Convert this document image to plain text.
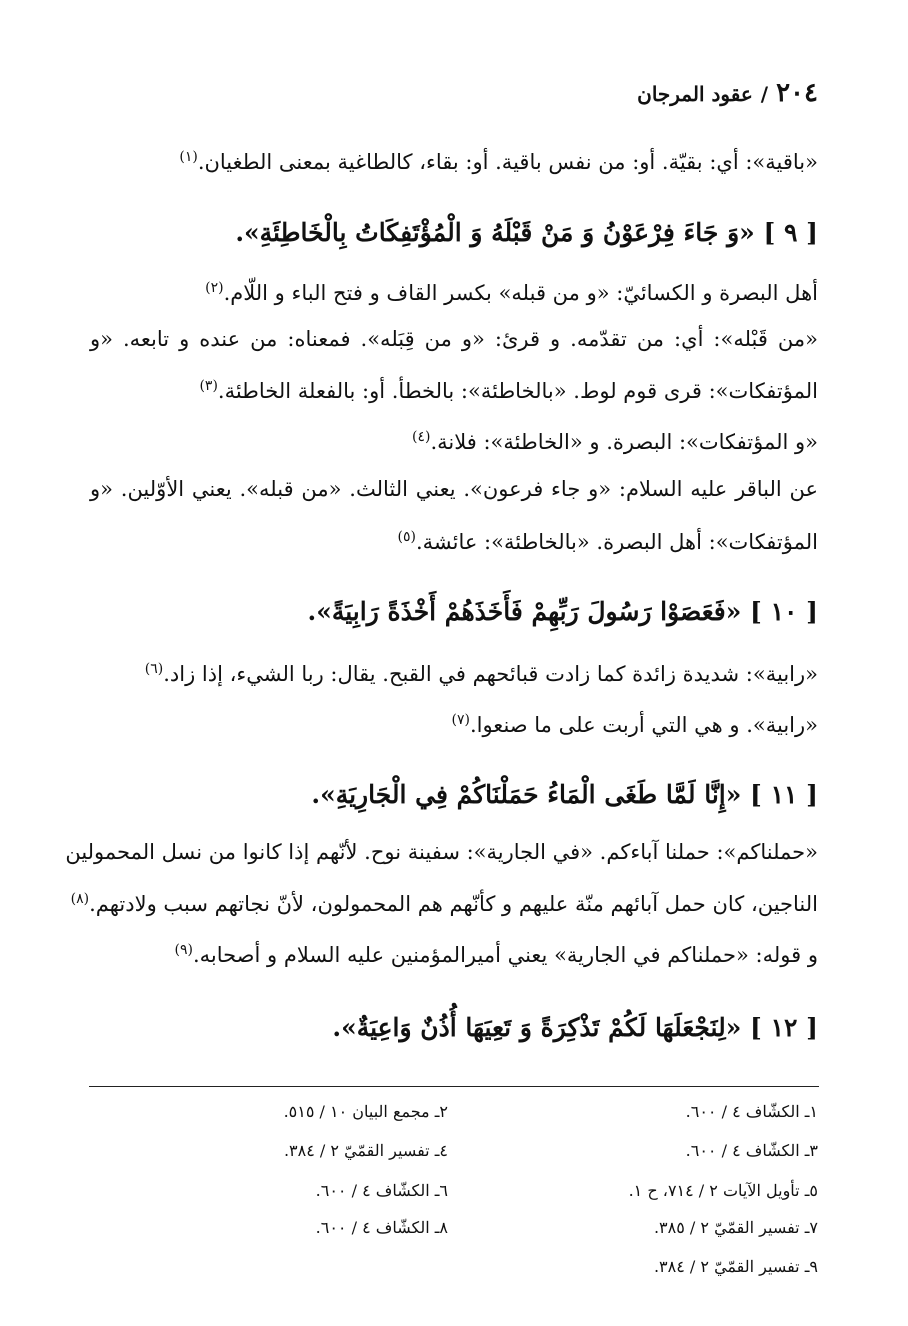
٢٠٤
/
عقود المرجان
«باقية»: أي: بقيّة. أو: من نفس باقية. أو: بقاء، كالطاغية بمعنى الطغيان.$^{(١)}$
[ ٩ ] «وَ جَاءَ فِرْعَوْنُ وَ مَنْ قَبْلَهُ وَ الْمُؤْتَفِكَاتُ بِالْخَاطِئَةِ».
أهل البصرة و الكسائيّ: «و من قبله» بكسر القاف و فتح الباء و اللّام.$^{(٢)}$
«من قَبْله»: أي: من تقدّمه. و قرئ: «و من قِبَله». فمعناه: من عنده و تابعه. «و
المؤتفكات»: قرى قوم لوط. «بالخاطئة»: بالخطأ. أو: بالفعلة الخاطئة.$^{(٣)}$
«و المؤتفكات»: البصرة. و «الخاطئة»: فلانة.$^{(٤)}$
عن الباقر عليه السلام: «و جاء فرعون». يعني الثالث. «من قبله». يعني الأوّلين. «و
المؤتفكات»: أهل البصرة. «بالخاطئة»: عائشة.$^{(٥)}$
[ ١٠ ] «فَعَصَوْا رَسُولَ رَبِّهِمْ فَأَخَذَهُمْ أَخْذَةً رَابِيَةً».
«رابية»: شديدة زائدة كما زادت قبائحهم في القبح. يقال: ربا الشيء، إذا زاد.$^{(٦)}$
«رابية». و هي التي أربت على ما صنعوا.$^{(٧)}$
[ ١١ ] «إِنَّا لَمَّا طَغَى الْمَاءُ حَمَلْنَاكُمْ فِي الْجَارِيَةِ».
«حملناكم»: حملنا آباءكم. «في الجارية»: سفينة نوح. لأنّهم إذا كانوا من نسل المحمولين
الناجين، كان حمل آبائهم منّة عليهم و كأنّهم هم المحمولون، لأنّ نجاتهم سبب ولادتهم.$^{(٨)}$
و قوله: «حملناكم في الجارية» يعني أميرالمؤمنين عليه السلام و أصحابه.$^{(٩)}$
[ ١٢ ] «لِنَجْعَلَهَا لَكُمْ تَذْكِرَةً وَ تَعِيَهَا أُذُنٌ وَاعِيَةٌ».
١ـ الكشّاف ٤ / ٦٠٠.
٢ـ مجمع البيان ١٠ / ٥١٥.
٣ـ الكشّاف ٤ / ٦٠٠.
٤ـ تفسير القمّيّ ٢ / ٣٨٤.
٥ـ تأويل الآيات ٢ / ٧١٤، ح ١.
٦ـ الكشّاف ٤ / ٦٠٠.
٧ـ تفسير القمّيّ ٢ / ٣٨٥.
٨ـ الكشّاف ٤ / ٦٠٠.
٩ـ تفسير القمّيّ ٢ / ٣٨٤.
